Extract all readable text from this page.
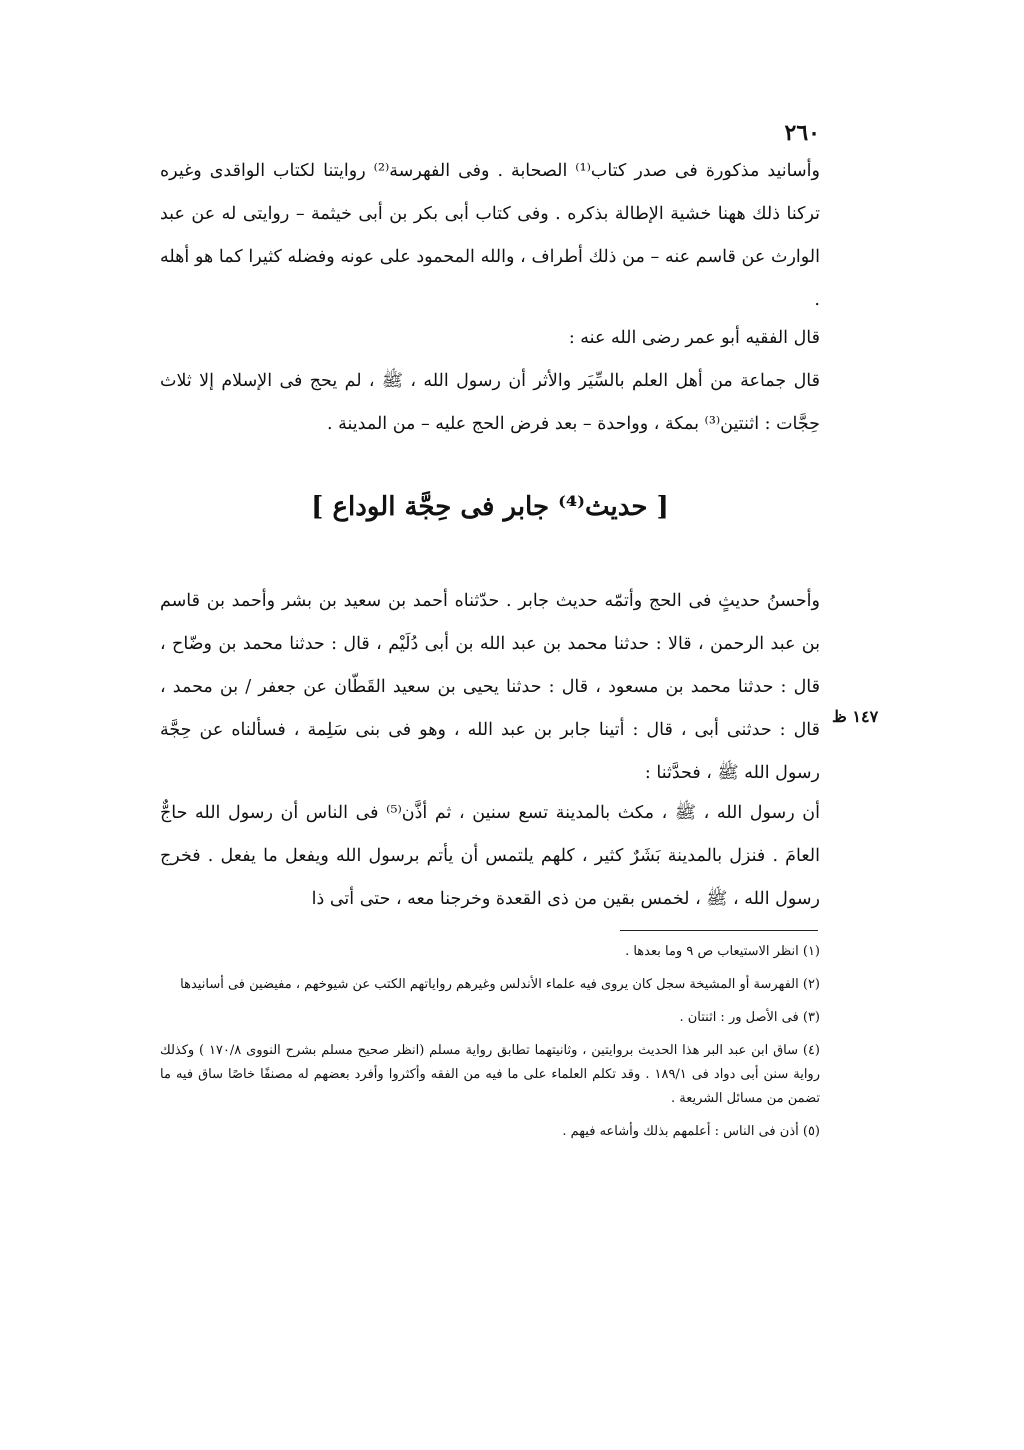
٢٦٠

وأسانيد مذكورة فى صدر كتاب⁽¹⁾ الصحابة . وفى الفهرسة⁽²⁾ روايتنا لكتاب الواقدى وغيره تركنا ذلك ههنا خشية الإطالة بذكره . وفى كتاب أبى بكر بن أبى خيثمة – روايتى له عن عبد الوارث عن قاسم عنه – من ذلك أطراف ، والله المحمود على عونه وفضله كثيرا كما هو أهله .

قال الفقيه أبو عمر رضى الله عنه :

قال جماعة من أهل العلم بالسِّيَر والأثر أن رسول الله ، ﷺ ، لم يحج فى الإسلام إلا ثلاث حِجَّات : اثنتين⁽³⁾ بمكة ، وواحدة – بعد فرض الحج عليه – من المدينة .

[ حديث⁽⁴⁾ جابر فى حِجَّة الوداع ]

وأحسنُ حديثٍ فى الحج وأتمّه حديث جابر . حدّثناه أحمد بن سعيد بن بشر وأحمد بن قاسم بن عبد الرحمن ، قالا : حدثنا محمد بن عبد الله بن أبى دُلَيْم ، قال : حدثنا محمد بن وضّاح ، قال : حدثنا محمد بن مسعود ، قال : حدثنا يحيى بن سعيد القَطّان عن جعفر / بن محمد ، قال : حدثنى أبى ، قال : أتينا جابر بن عبد الله ، وهو فى بنى سَلِمة ، فسألناه عن حِجَّة رسول الله ﷺ ، فحدَّثنا :

١٤٧ ظ

أن رسول الله ، ﷺ ، مكث بالمدينة تسع سنين ، ثم أذَّن⁽⁵⁾ فى الناس أن رسول الله حاجٌّ العامَ . فنزل بالمدينة بَشَرٌ كثير ، كلهم يلتمس أن يأتم برسول الله ويفعل ما يفعل . فخرج رسول الله ، ﷺ ، لخمس بقين من ذى القعدة وخرجنا معه ، حتى أتى ذا

(١) انظر الاستيعاب ص ٩ وما بعدها .
(٢) الفهرسة أو المشيخة سجل كان يروى فيه علماء الأندلس وغيرهم رواياتهم الكتب عن شيوخهم ، مفيضين فى أسانيدها
(٣) فى الأصل ور : اثنتان .
(٤) ساق ابن عبد البر هذا الحديث بروايتين ، وثانيتهما تطابق رواية مسلم (انظر صحيح مسلم بشرح النووى ١٧٠/٨ ) وكذلك رواية سنن أبى دواد فى ١٨٩/١ . وقد تكلم العلماء على ما فيه من الفقه وأكثروا وأفرد بعضهم له مصنفًا خاصًا ساق فيه ما تضمن من مسائل الشريعة .
(٥) أذن فى الناس : أعلمهم بذلك وأشاعه فيهم .
